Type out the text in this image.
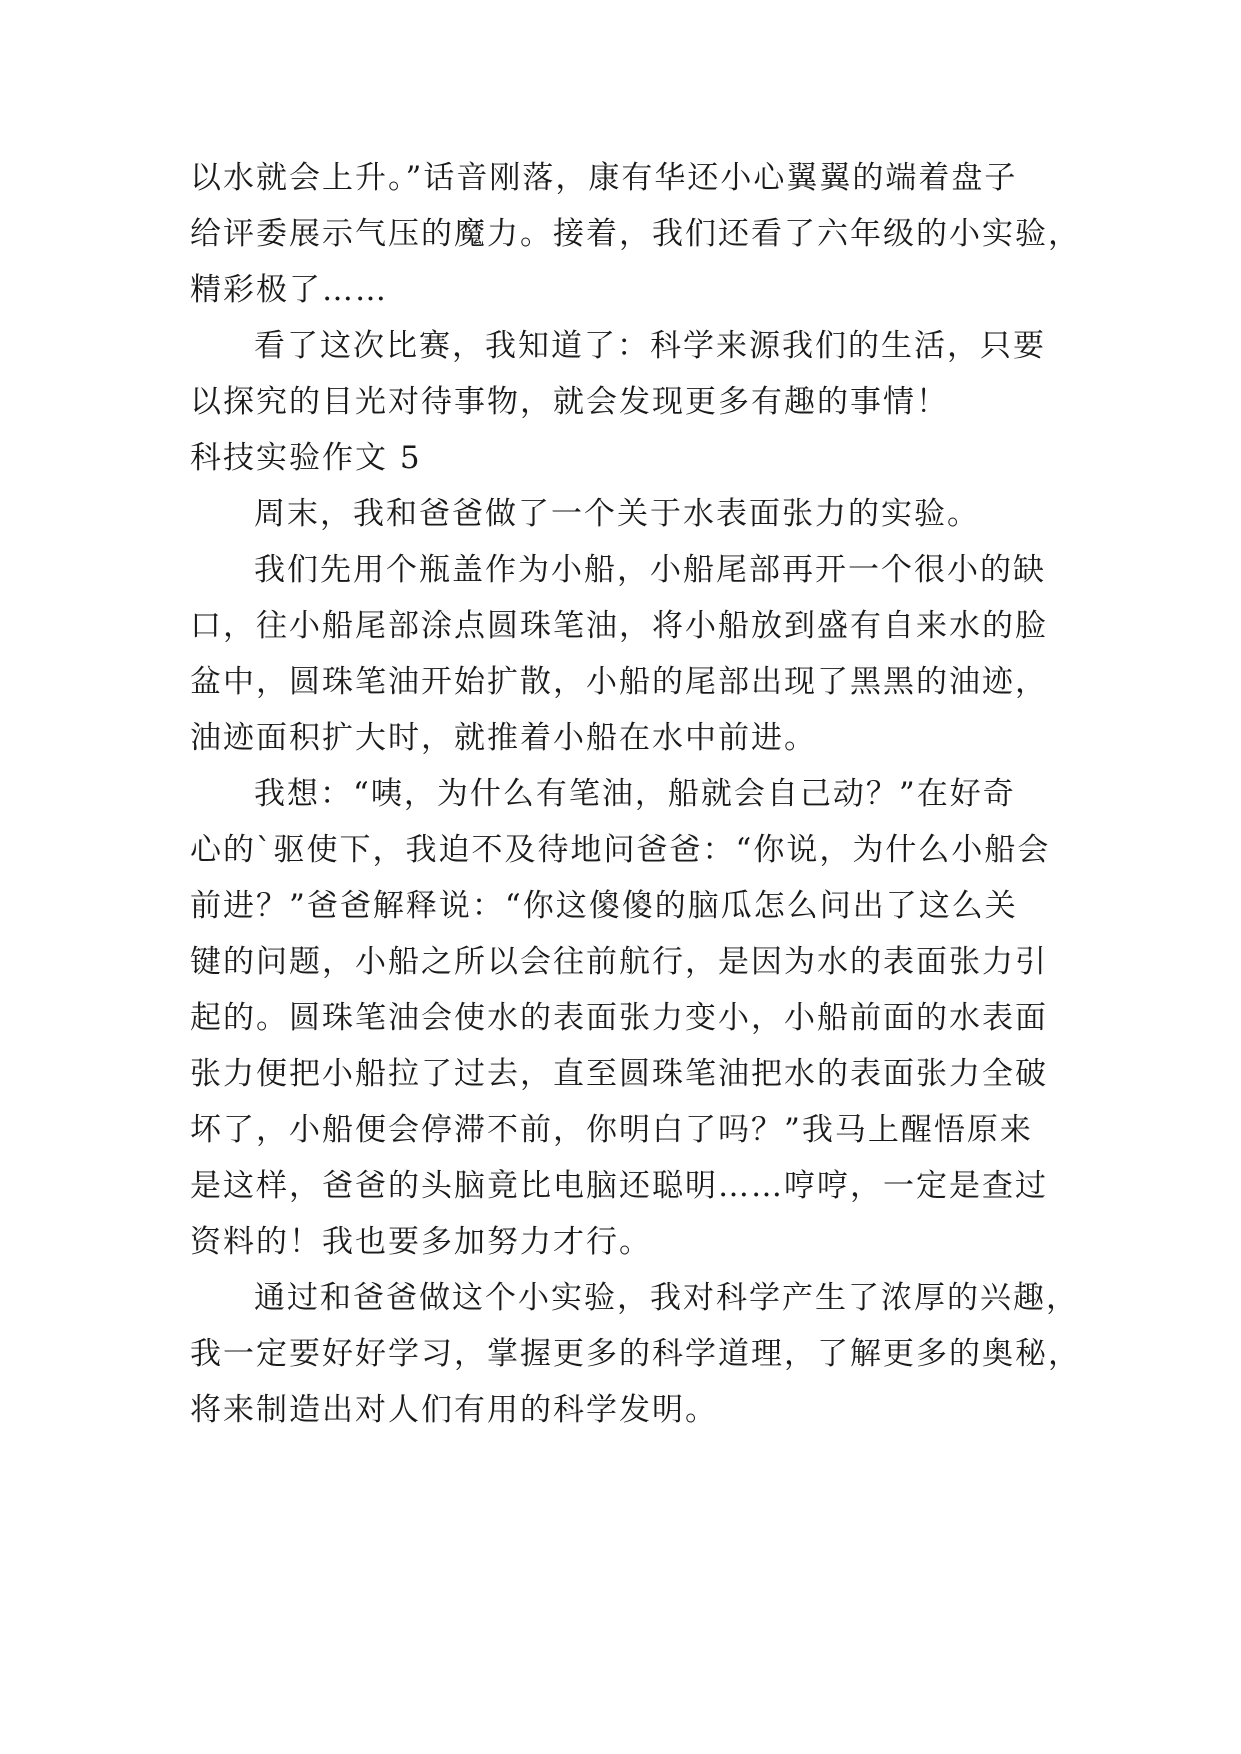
以水就会上升。”话音刚落，康有华还小心翼翼的端着盘子
给评委展示气压的魔力。接着，我们还看了六年级的小实验，
精彩极了……
看了这次比赛，我知道了：科学来源我们的生活，只要
以探究的目光对待事物，就会发现更多有趣的事情！
科技实验作文 5
周末，我和爸爸做了一个关于水表面张力的实验。
我们先用个瓶盖作为小船，小船尾部再开一个很小的缺
口，往小船尾部涂点圆珠笔油，将小船放到盛有自来水的脸
盆中，圆珠笔油开始扩散，小船的尾部出现了黑黑的油迹，
油迹面积扩大时，就推着小船在水中前进。
我想：“咦，为什么有笔油，船就会自己动？”在好奇
心的`驱使下，我迫不及待地问爸爸：“你说，为什么小船会
前进？”爸爸解释说：“你这傻傻的脑瓜怎么问出了这么关
键的问题，小船之所以会往前航行，是因为水的表面张力引
起的。圆珠笔油会使水的表面张力变小，小船前面的水表面
张力便把小船拉了过去，直至圆珠笔油把水的表面张力全破
坏了，小船便会停滞不前，你明白了吗？”我马上醒悟原来
是这样，爸爸的头脑竟比电脑还聪明……哼哼，一定是查过
资料的！我也要多加努力才行。
通过和爸爸做这个小实验，我对科学产生了浓厚的兴趣，
我一定要好好学习，掌握更多的科学道理，了解更多的奥秘，
将来制造出对人们有用的科学发明。
